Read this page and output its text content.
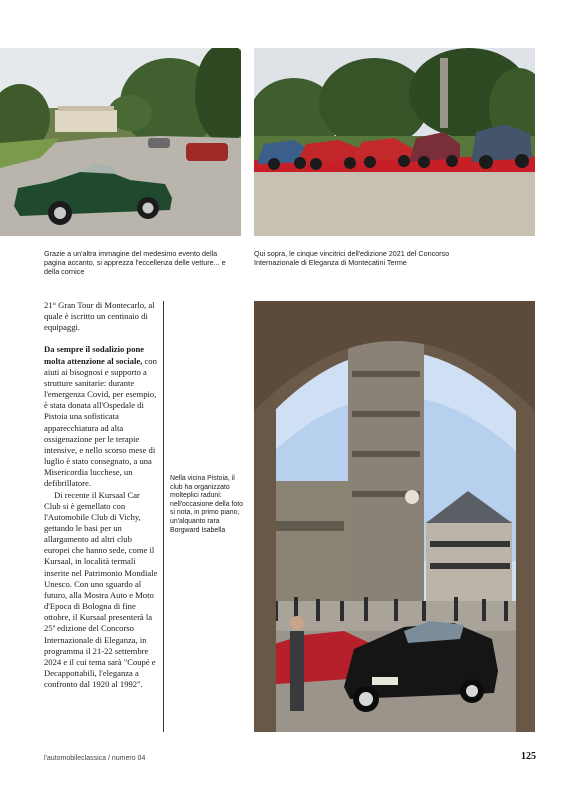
Grazie a un'altra immagine del medesimo evento della pagina accanto, si apprezza l'eccellenza delle vetture... e della cornice
Qui sopra, le cinque vincitrici dell'edizione 2021 del Concorso Internazionale di Eleganza di Montecatini Terme

21° Gran Tour di Montecarlo, al quale è iscritto un centinaio di equipaggi.

Da sempre il sodalizio pone molta attenzione al sociale, con aiuti ai bisognosi e supporto a strutture sanitarie: durante l'emergenza Covid, per esempio, è stata donata all'Ospedale di Pistoia una sofisticata apparecchiatura ad alta ossigenazione per le terapie intensive, e nello scorso mese di luglio è stato consegnato, a una Misericordia lucchese, un defibrillatore.

Di recente il Kursaal Car Club si è gemellato con l'Automobile Club di Vichy, gettando le basi per un allargamento ad altri club europei che hanno sede, come il Kursaal, in località termali inserite nel Patrimonio Mondiale Unesco. Con uno sguardo al futuro, alla Mostra Auto e Moto d'Epoca di Bologna di fine ottobre, il Kursaal presenterà la 25ª edizione del Concorso Internazionale di Eleganza, in programma il 21-22 settembre 2024 e il cui tema sarà "Coupé e Decappottabili, l'eleganza a confronto dal 1920 al 1992".

Nella vicina Pistoia, il club ha organizzato molteplici raduni: nell'occasione della foto si nota, in primo piano, un'alquanto rara Borgward Isabella
l'automobileclassica / numero 04	125
